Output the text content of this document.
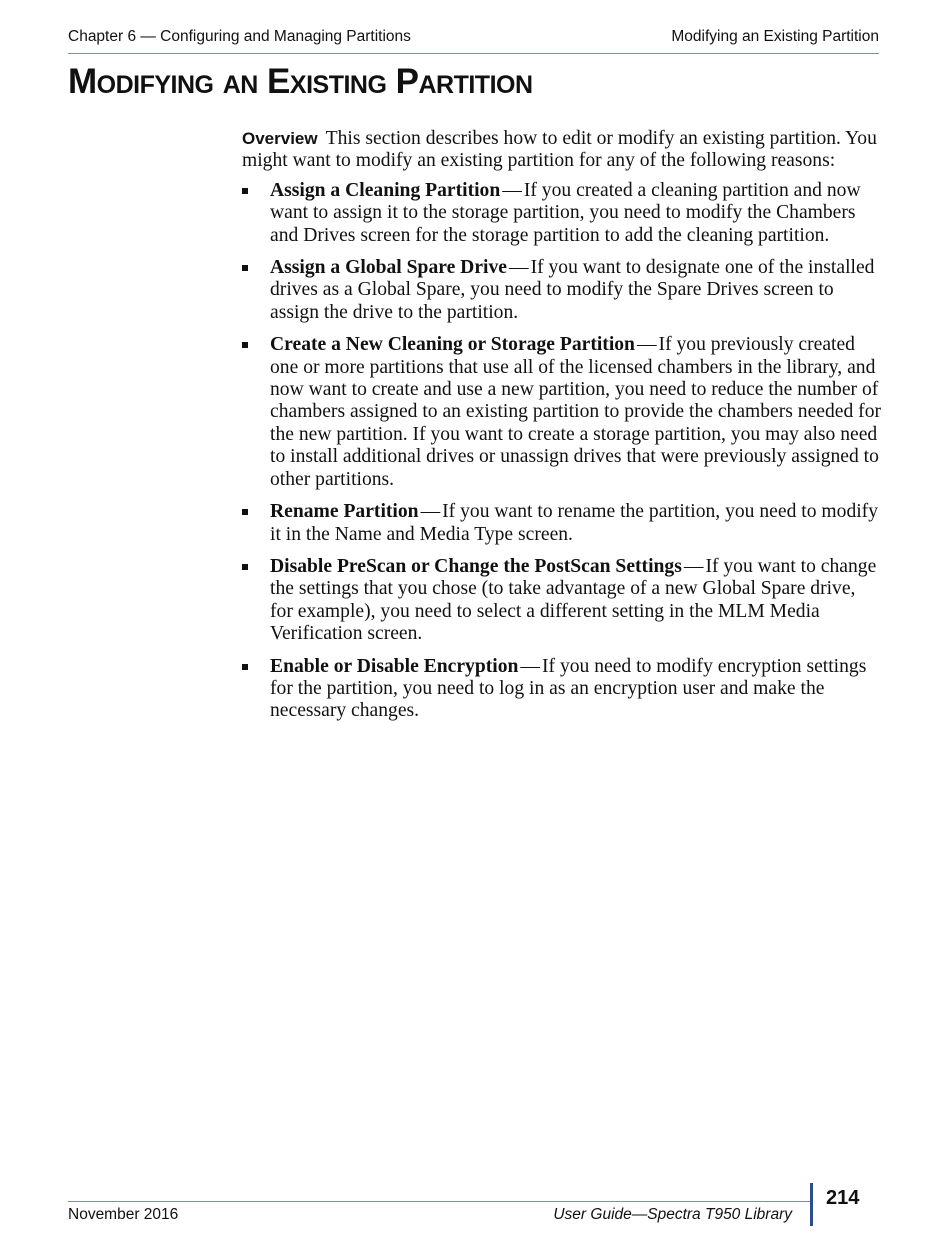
Chapter 6 — Configuring and Managing Partitions	Modifying an Existing Partition
Modifying an Existing Partition

Overview This section describes how to edit or modify an existing partition. You might want to modify an existing partition for any of the following reasons:

Assign a Cleaning Partition — If you created a cleaning partition and now want to assign it to the storage partition, you need to modify the Chambers and Drives screen for the storage partition to add the cleaning partition.
Assign a Global Spare Drive — If you want to designate one of the installed drives as a Global Spare, you need to modify the Spare Drives screen to assign the drive to the partition.
Create a New Cleaning or Storage Partition — If you previously created one or more partitions that use all of the licensed chambers in the library, and now want to create and use a new partition, you need to reduce the number of chambers assigned to an existing partition to provide the chambers needed for the new partition. If you want to create a storage partition, you may also need to install additional drives or unassign drives that were previously assigned to other partitions.
Rename Partition — If you want to rename the partition, you need to modify it in the Name and Media Type screen.
Disable PreScan or Change the PostScan Settings — If you want to change the settings that you chose (to take advantage of a new Global Spare drive, for example), you need to select a different setting in the MLM Media Verification screen.
Enable or Disable Encryption — If you need to modify encryption settings for the partition, you need to log in as an encryption user and make the necessary changes.
November 2016	User Guide—Spectra T950 Library
214
